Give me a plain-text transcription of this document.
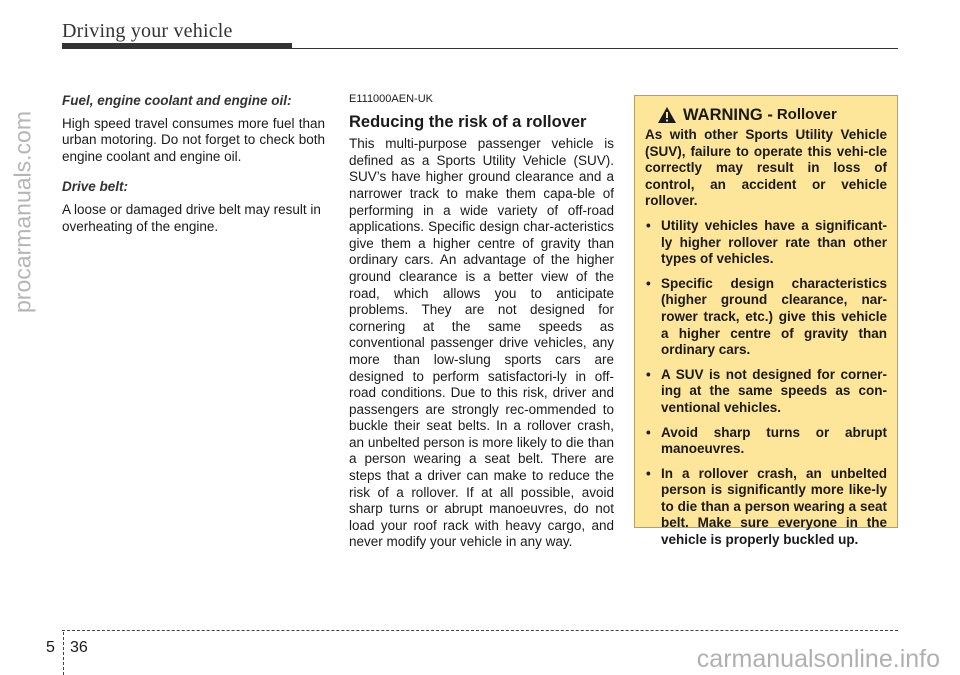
Driving your vehicle
procarmanuals.com

Fuel, engine coolant and engine oil:

High speed travel consumes more fuel than urban motoring. Do not forget to check both engine coolant and engine oil.

Drive belt:

A loose or damaged drive belt may result in overheating of the engine.

E111000AEN-UK

Reducing the risk of a rollover

This multi-purpose passenger vehicle is defined as a Sports Utility Vehicle (SUV). SUV’s have higher ground clearance and a narrower track to make them capa-ble of performing in a wide variety of off-road applications. Specific design char-acteristics give them a higher centre of gravity than ordinary cars. An advantage of the higher ground clearance is a better view of the road, which allows you to anticipate problems. They are not designed for cornering at the same speeds as conventional passenger drive vehicles, any more than low-slung sports cars are designed to perform satisfactori-ly in off-road conditions. Due to this risk, driver and passengers are strongly rec-ommended to buckle their seat belts. In a rollover crash, an unbelted person is more likely to die than a person wearing a seat belt. There are steps that a driver can make to reduce the risk of a rollover. If at all possible, avoid sharp turns or abrupt manoeuvres, do not load your roof rack with heavy cargo, and never modify your vehicle in any way.

WARNING - Rollover

As with other Sports Utility Vehicle (SUV), failure to operate this vehi-cle correctly may result in loss of control, an accident or vehicle rollover.

• Utility vehicles have a significant-ly higher rollover rate than other types of vehicles.
• Specific design characteristics (higher ground clearance, nar-rower track, etc.) give this vehicle a higher centre of gravity than ordinary cars.
• A SUV is not designed for corner-ing at the same speeds as con-ventional vehicles.
• Avoid sharp turns or abrupt manoeuvres.
• In a rollover crash, an unbelted person is significantly more like-ly to die than a person wearing a seat belt. Make sure everyone in the vehicle is properly buckled up.
5 36	carmanualsonline.info
